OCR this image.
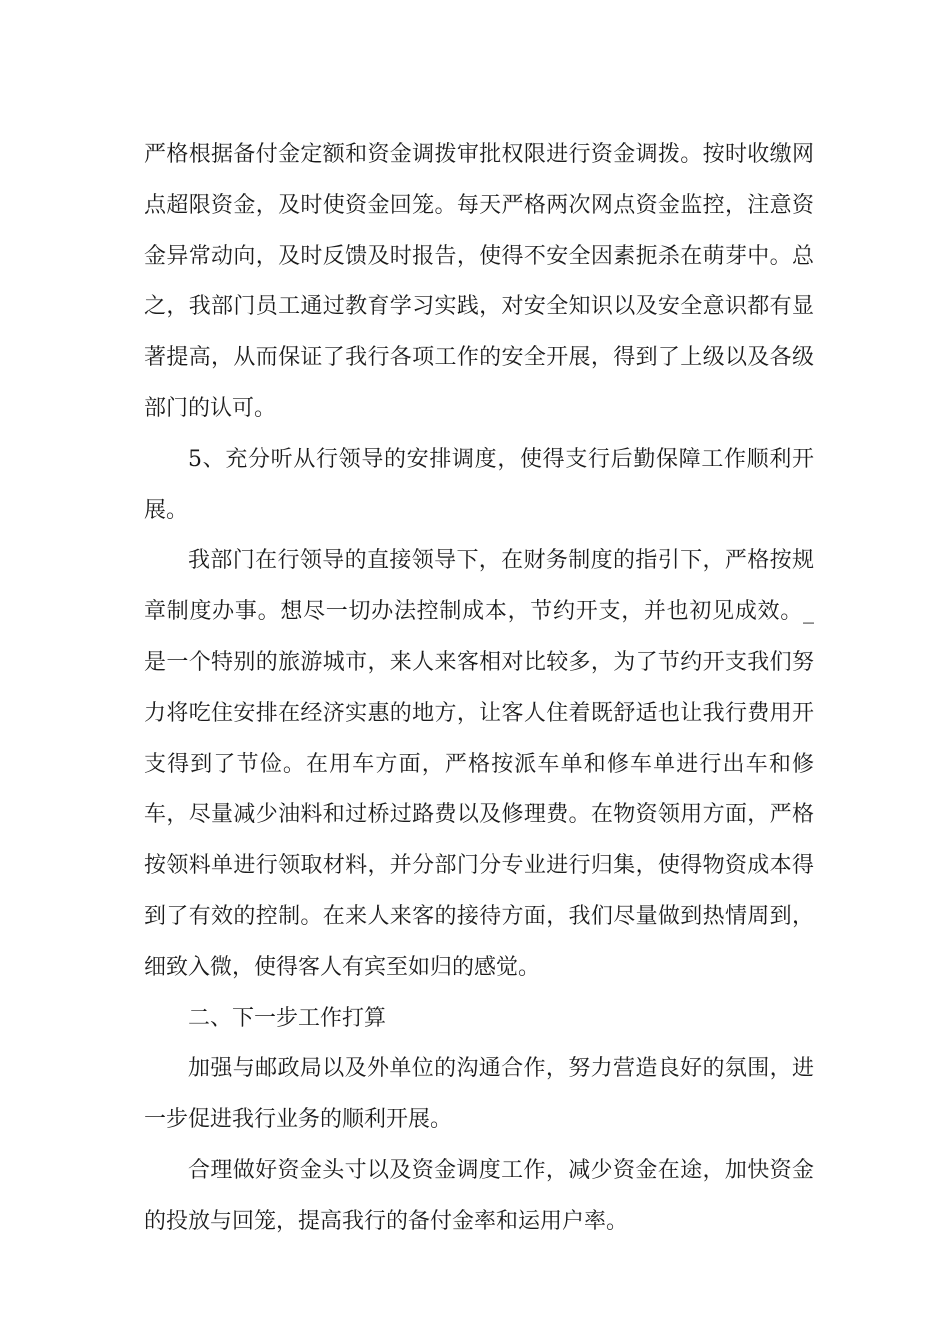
严格根据备付金定额和资金调拨审批权限进行资金调拨。按时收缴网点超限资金，及时使资金回笼。每天严格两次网点资金监控，注意资金异常动向，及时反馈及时报告，使得不安全因素扼杀在萌芽中。总之，我部门员工通过教育学习实践，对安全知识以及安全意识都有显著提高，从而保证了我行各项工作的安全开展，得到了上级以及各级部门的认可。

5、充分听从行领导的安排调度，使得支行后勤保障工作顺利开展。

我部门在行领导的直接领导下，在财务制度的指引下，严格按规章制度办事。想尽一切办法控制成本，节约开支，并也初见成效。_是一个特别的旅游城市，来人来客相对比较多，为了节约开支我们努力将吃住安排在经济实惠的地方，让客人住着既舒适也让我行费用开支得到了节俭。在用车方面，严格按派车单和修车单进行出车和修车，尽量减少油料和过桥过路费以及修理费。在物资领用方面，严格按领料单进行领取材料，并分部门分专业进行归集，使得物资成本得到了有效的控制。在来人来客的接待方面，我们尽量做到热情周到，细致入微，使得客人有宾至如归的感觉。

二、下一步工作打算

加强与邮政局以及外单位的沟通合作，努力营造良好的氛围，进一步促进我行业务的顺利开展。

合理做好资金头寸以及资金调度工作，减少资金在途，加快资金的投放与回笼，提高我行的备付金率和运用户率。
